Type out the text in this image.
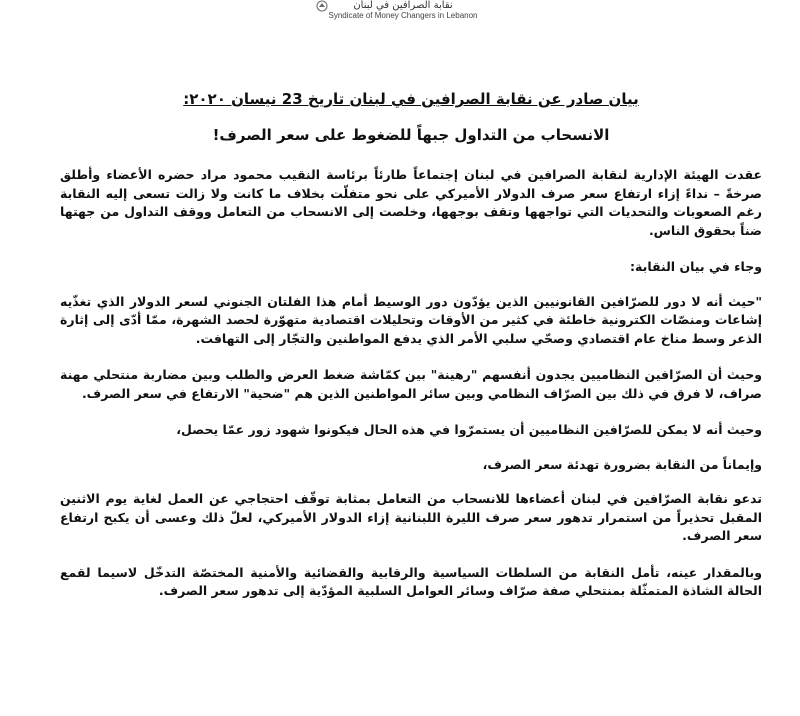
نقابة الصرافين في لبنان
Syndicate of Money Changers in Lebanon
بيان صادر عن نقابة الصرافين في لبنان تاريخ 23 نيسان ٢٠٢٠:
الانسحاب من التداول جبهاً للضغوط على سعر الصرف!

عقدت الهيئة الإدارية لنقابة الصرافين في لبنان إجتماعاً طارئاً برئاسة النقيب محمود مراد حضره الأعضاء وأطلق صرخةً – نداءً إزاء ارتفاع سعر صرف الدولار الأميركي على نحو متفلّت بخلاف ما كانت ولا زالت تسعى إليه النقابة رغم الصعوبات والتحديات التي تواجهها وتقف بوجهها، وخلصت إلى الانسحاب من التعامل ووقف التداول من جهتها ضناً بحقوق الناس.

وجاء في بيان النقابة:

"حيث أنه لا دور للصرّافين القانونيين الذين يؤدّون دور الوسيط أمام هذا الفلتان الجنوني لسعر الدولار الذي تغذّيه إشاعات ومنصّات الكترونية خاطئة في كثير من الأوقات وتحليلات اقتصادية متهوّرة لحصد الشهرة، ممّا أدّى إلى إثارة الذعر وسط مناخ عام اقتصادي وصحّي سلبي الأمر الذي يدفع المواطنين والتجّار إلى التهافت.

وحيث أن الصرّافين النظاميين يجدون أنفسهم "رهينة" بين كمّاشة ضغط العرض والطلب وبين مضاربة منتحلي مهنة صراف، لا فرق في ذلك بين الصرّاف النظامي وبين سائر المواطنين الذين هم "ضحية" الارتفاع في سعر الصرف.

وحيث أنه لا يمكن للصرّافين النظاميين أن يستمرّوا في هذه الحال فيكونوا شهود زور عمّا يحصل،

وإيماناً من النقابة بضرورة تهدئة سعر الصرف،

تدعو نقابة الصرّافين في لبنان أعضاءها للانسحاب من التعامل بمثابة توقّف احتجاجي عن العمل لغاية يوم الاثنين المقبل تحذيراً من استمرار تدهور سعر صرف الليرة اللبنانية إزاء الدولار الأميركي، لعلّ ذلك وعسى أن يكبح ارتفاع سعر الصرف.

وبالمقدار عينه، تأمل النقابة من السلطات السياسية والرقابية والقضائية والأمنية المختصّة التدخّل لاسيما لقمع الحالة الشاذة المتمثّلة بمنتحلي صفة صرّاف وسائر العوامل السلبية المؤدّية إلى تدهور سعر الصرف.
